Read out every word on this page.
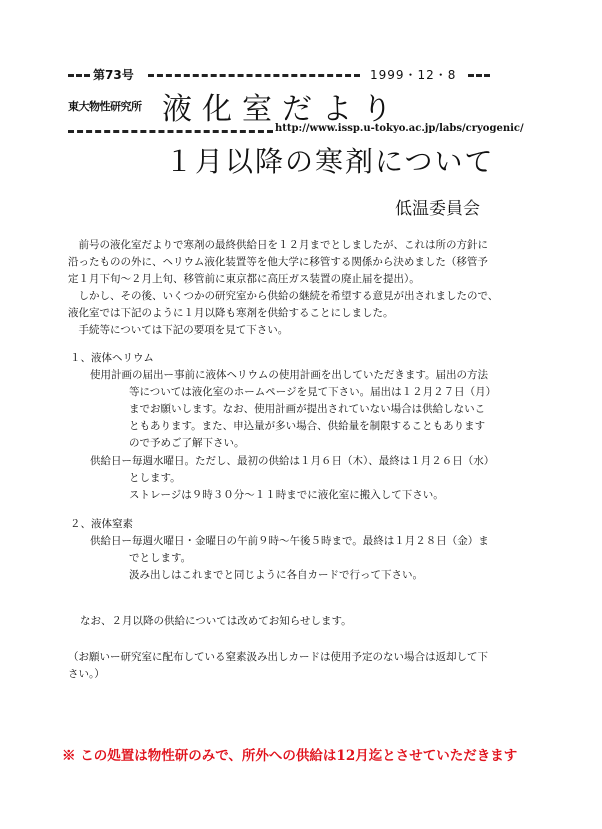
第73号	1999・12・8
東大物性研究所 液化室だより
http://www.issp.u-tokyo.ac.jp/labs/cryogenic/
１月以降の寒剤について
低温委員会
　前号の液化室だよりで寒剤の最終供給日を１２月までとしましたが、これは所の方針に
沿ったものの外に、ヘリウム液化装置等を他大学に移管する関係から決めました（移管予
定１月下旬～２月上旬、移管前に東京都に高圧ガス装置の廃止届を提出）。
　しかし、その後、いくつかの研究室から供給の継続を希望する意見が出されましたので、
液化室では下記のように１月以降も寒剤を供給することにしました。
　手続等については下記の要項を見て下さい。
１、液体ヘリウム
使用計画の届出ー事前に液体ヘリウムの使用計画を出していただきます。届出の方法
等については液化室のホームページを見て下さい。届出は１２月２７日（月）
までお願いします。なお、使用計画が提出されていない場合は供給しないこ
ともあります。また、申込量が多い場合、供給量を制限することもあります
ので予めご了解下さい。
供給日ー毎週水曜日。ただし、最初の供給は１月６日（木）、最終は１月２６日（水）
とします。
ストレージは９時３０分～１１時までに液化室に搬入して下さい。
２、液体窒素
供給日ー毎週火曜日・金曜日の午前９時～午後５時まで。最終は１月２８日（金）ま
でとします。
汲み出しはこれまでと同じように各自カードで行って下さい。
なお、２月以降の供給については改めてお知らせします。
（お願いー研究室に配布している窒素汲み出しカードは使用予定のない場合は返却して下
さい。）
※ この処置は物性研のみで、所外への供給は12月迄とさせていただきます
